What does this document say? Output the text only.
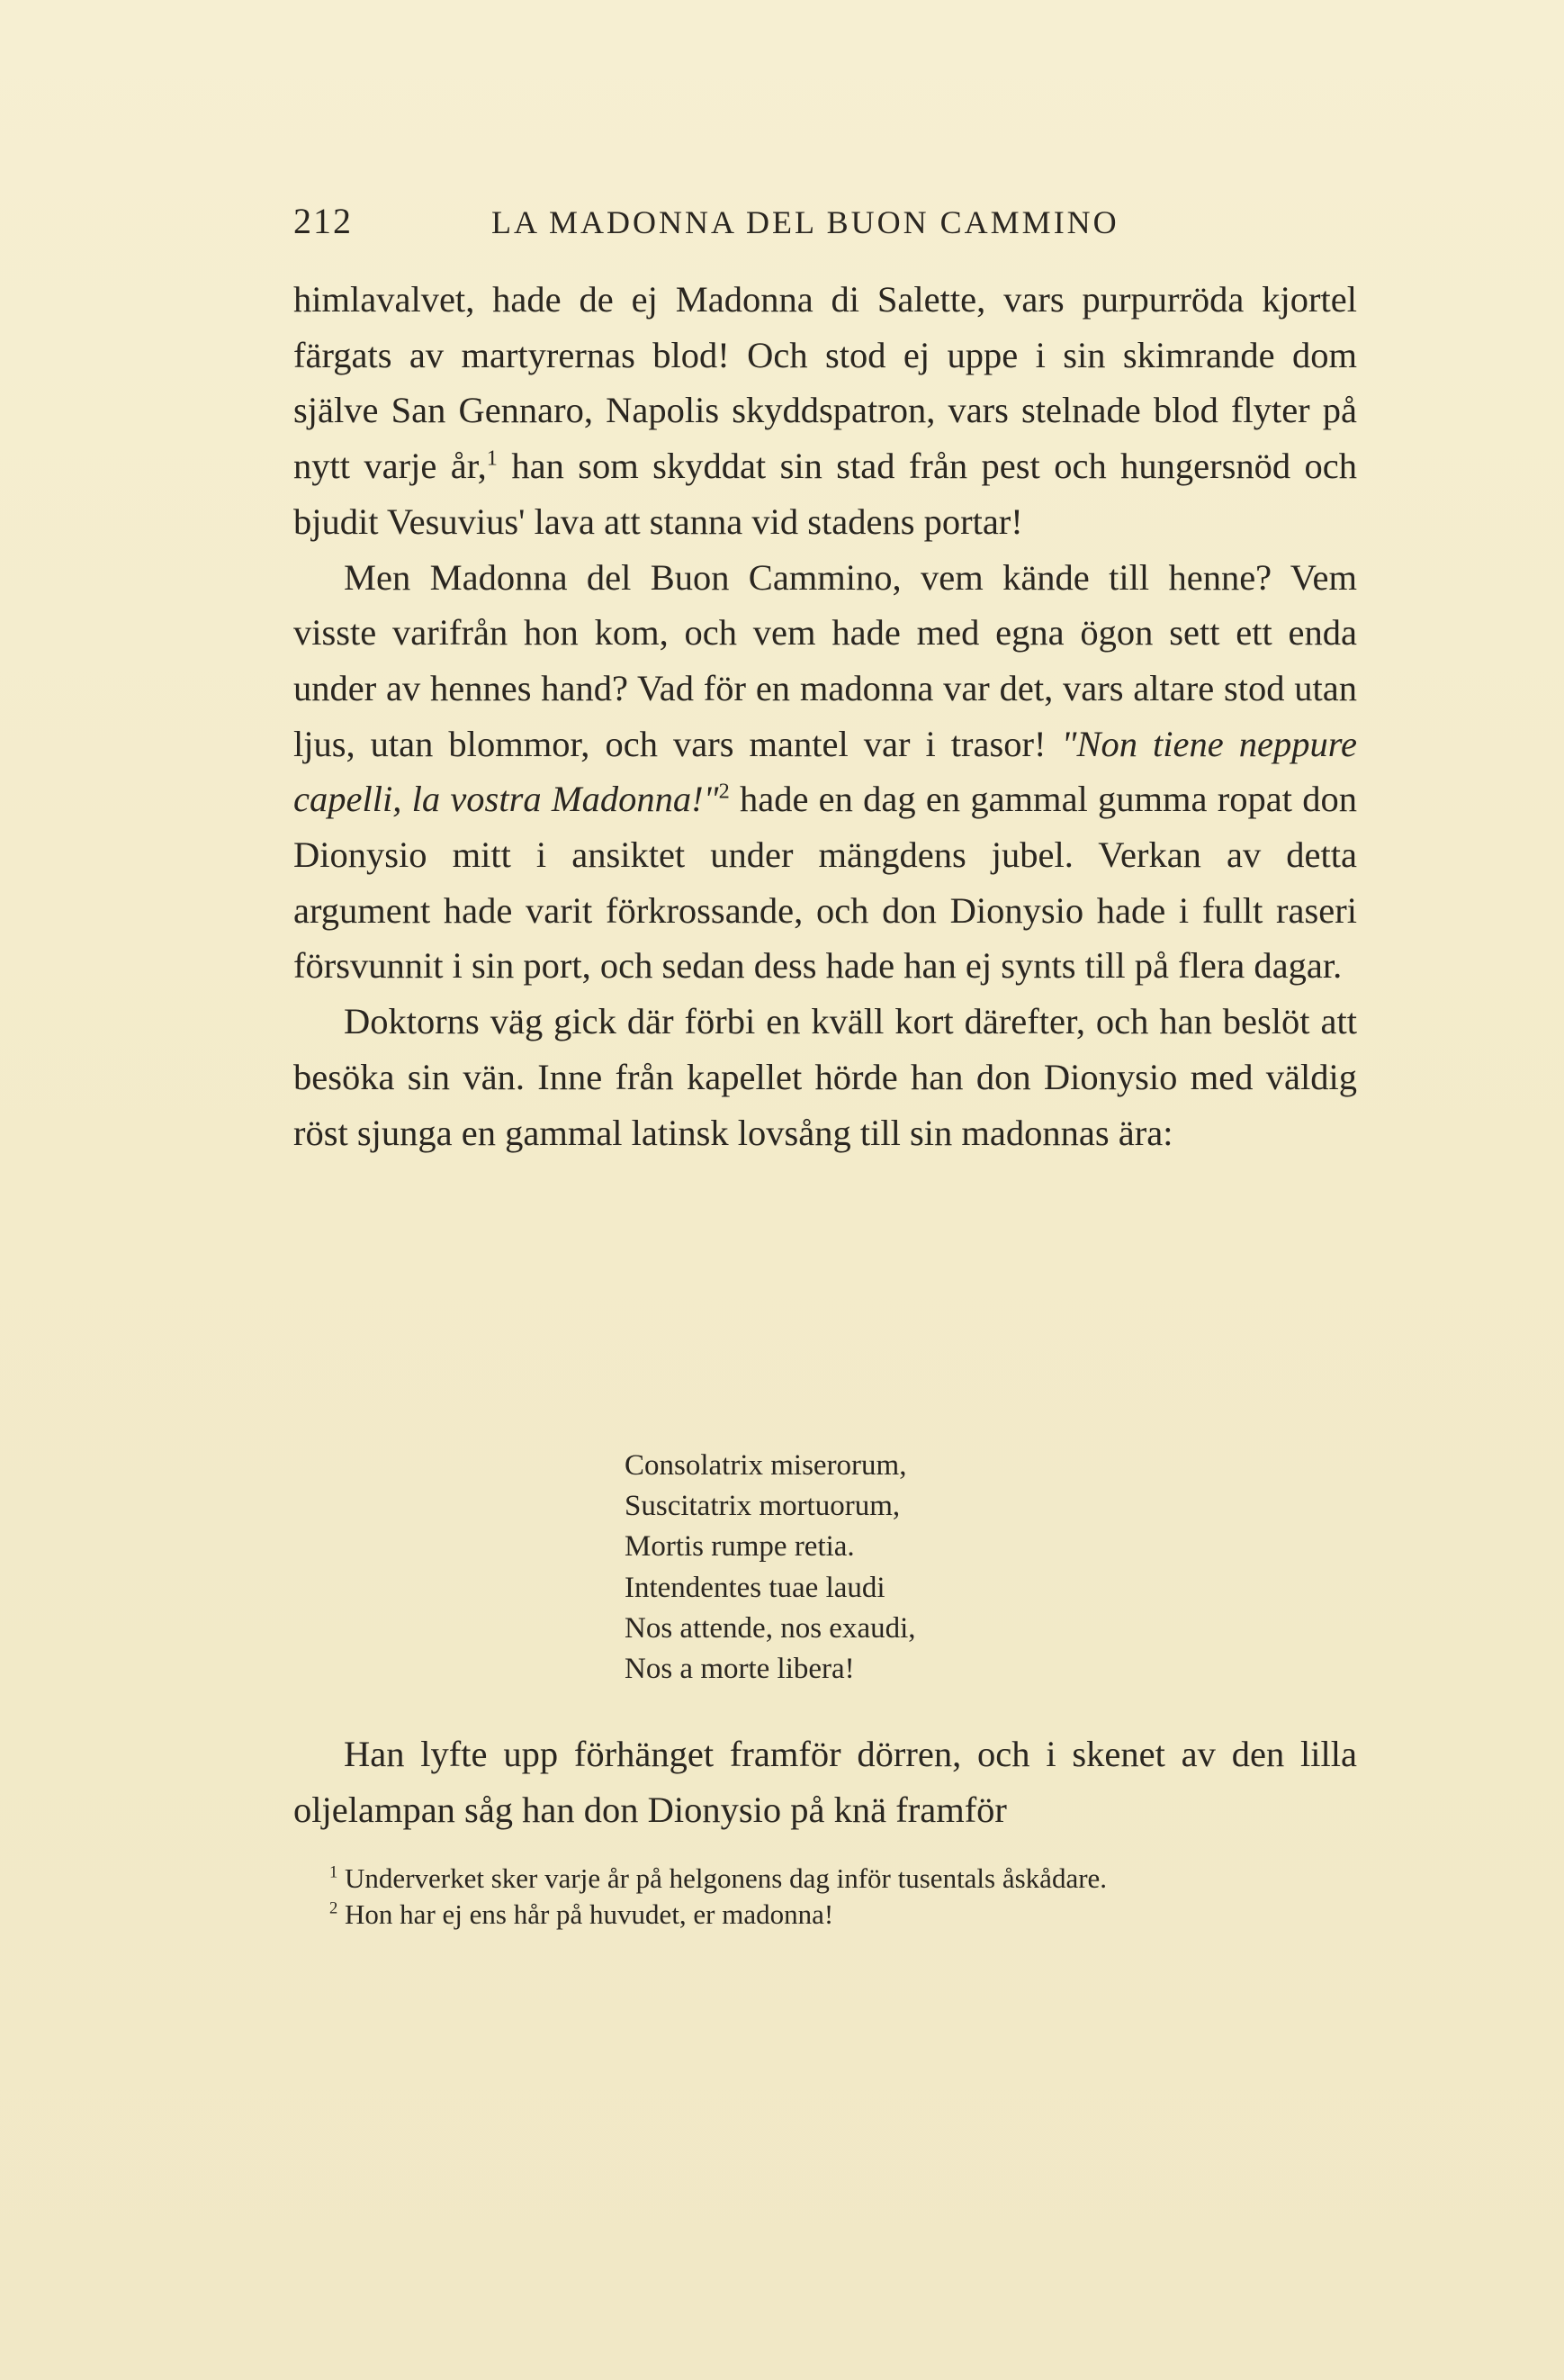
212	LA MADONNA DEL BUON CAMMINO

himlavalvet, hade de ej Madonna di Salette, vars purpurröda kjortel färgats av martyrernas blod! Och stod ej uppe i sin skimrande dom själve San Gennaro, Napolis skyddspatron, vars stelnade blod flyter på nytt varje år,$^1$ han som skyddat sin stad från pest och hungersnöd och bjudit Vesuvius' lava att stanna vid stadens portar!

Men Madonna del Buon Cammino, vem kände till henne? Vem visste varifrån hon kom, och vem hade med egna ögon sett ett enda under av hennes hand? Vad för en madonna var det, vars altare stod utan ljus, utan blommor, och vars mantel var i trasor! "Non tiene neppure capelli, la vostra Madonna!"$^2$ hade en dag en gammal gumma ropat don Dionysio mitt i ansiktet under mängdens jubel. Verkan av detta argument hade varit förkrossande, och don Dionysio hade i fullt raseri försvunnit i sin port, och sedan dess hade han ej synts till på flera dagar.

Doktorns väg gick där förbi en kväll kort därefter, och han beslöt att besöka sin vän. Inne från kapellet hörde han don Dionysio med väldig röst sjunga en gammal latinsk lovsång till sin madonnas ära:

Consolatrix miserorum,
Suscitatrix mortuorum,
Mortis rumpe retia.
Intendentes tuae laudi
Nos attende, nos exaudi,
Nos a morte libera!

Han lyfte upp förhänget framför dörren, och i skenet av den lilla oljelampan såg han don Dionysio på knä framför

$^1$ Underverket sker varje år på helgonens dag inför tusentals åskådare.

$^2$ Hon har ej ens hår på huvudet, er madonna!
